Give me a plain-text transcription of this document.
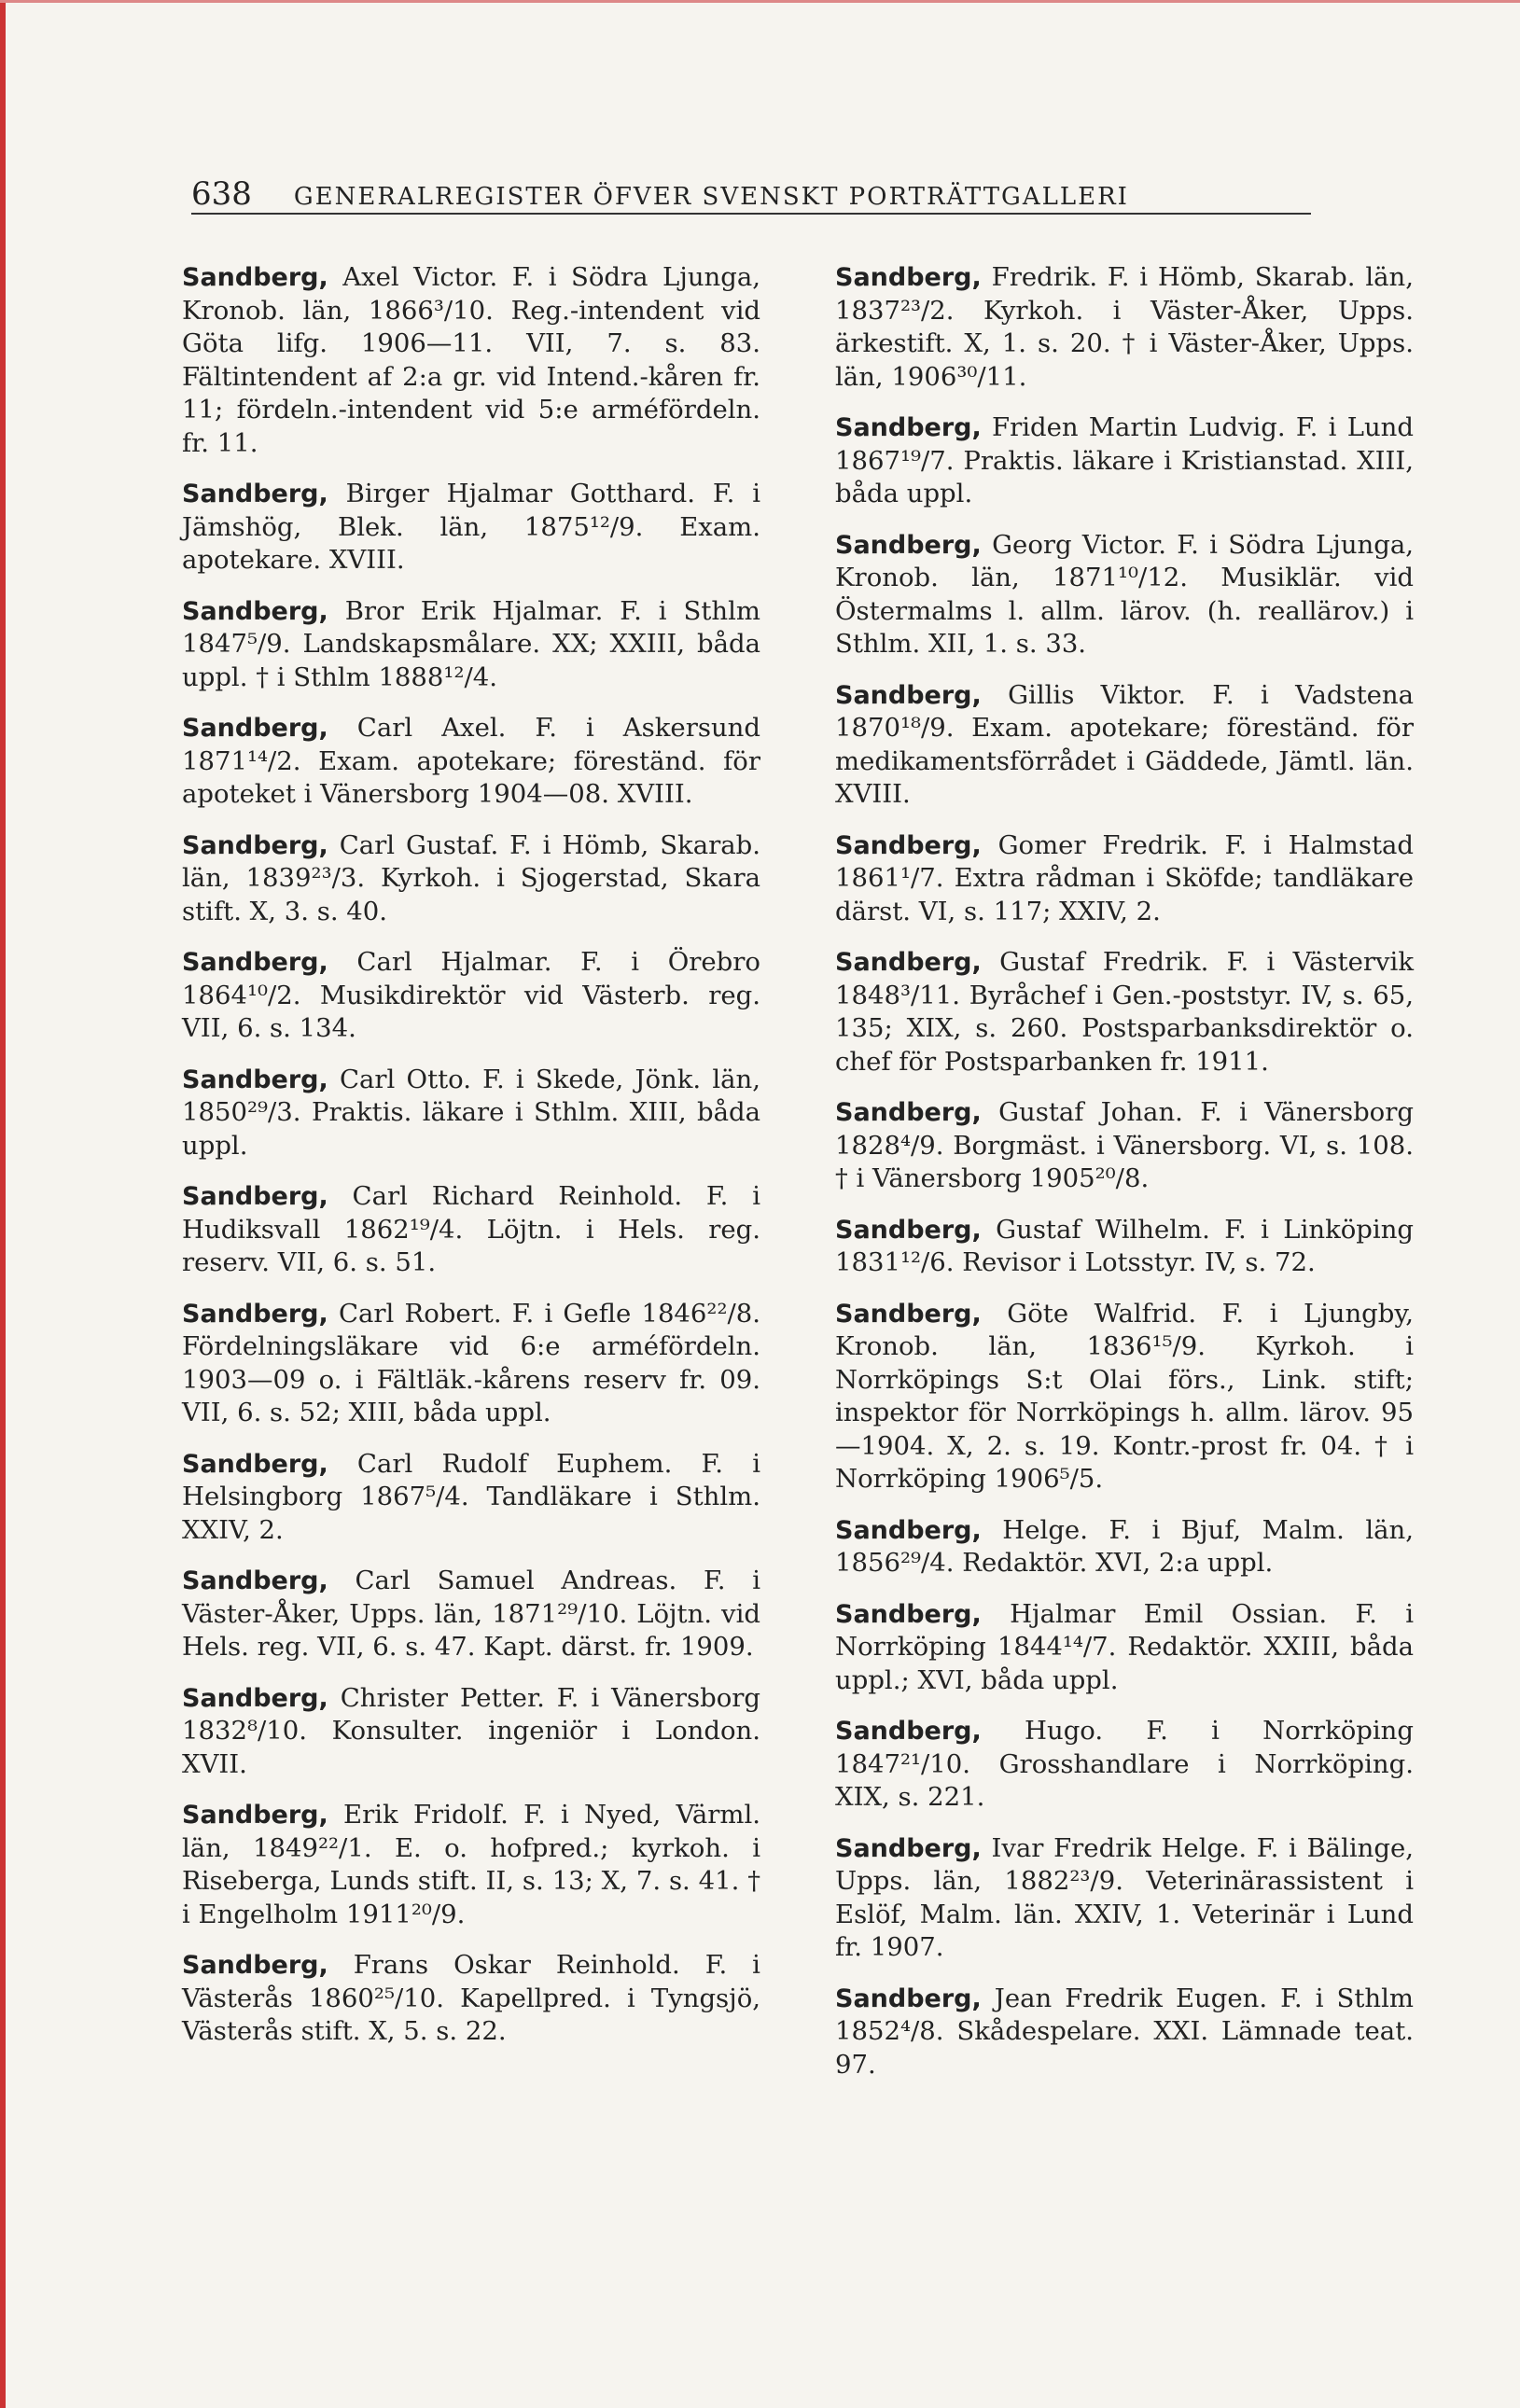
638 GENERALREGISTER ÖFVER SVENSKT PORTRÄTTGALLERI

Sandberg, Axel Victor. F. i Södra Ljunga, Kronob. län, 1866³/10. Reg.-intendent vid Göta lifg. 1906—11. VII, 7. s. 83. Fältintendent af 2:a gr. vid Intend.-kåren fr. 11; fördeln.-intendent vid 5:e arméfördeln. fr. 11.

Sandberg, Birger Hjalmar Gotthard. F. i Jämshög, Blek. län, 1875¹²/9. Exam. apotekare. XVIII.

Sandberg, Bror Erik Hjalmar. F. i Sthlm 1847⁵/9. Landskapsmålare. XX; XXIII, båda uppl. † i Sthlm 1888¹²/4.

Sandberg, Carl Axel. F. i Askersund 1871¹⁴/2. Exam. apotekare; föreständ. för apoteket i Vänersborg 1904—08. XVIII.

Sandberg, Carl Gustaf. F. i Hömb, Skarab. län, 1839²³/3. Kyrkoh. i Sjogerstad, Skara stift. X, 3. s. 40.

Sandberg, Carl Hjalmar. F. i Örebro 1864¹⁰/2. Musikdirektör vid Västerb. reg. VII, 6. s. 134.

Sandberg, Carl Otto. F. i Skede, Jönk. län, 1850²⁹/3. Praktis. läkare i Sthlm. XIII, båda uppl.

Sandberg, Carl Richard Reinhold. F. i Hudiksvall 1862¹⁹/4. Löjtn. i Hels. reg. reserv. VII, 6. s. 51.

Sandberg, Carl Robert. F. i Gefle 1846²²/8. Fördelningsläkare vid 6:e arméfördeln. 1903—09 o. i Fältläk.-kårens reserv fr. 09. VII, 6. s. 52; XIII, båda uppl.

Sandberg, Carl Rudolf Euphem. F. i Helsingborg 1867⁵/4. Tandläkare i Sthlm. XXIV, 2.

Sandberg, Carl Samuel Andreas. F. i Väster-Åker, Upps. län, 1871²⁹/10. Löjtn. vid Hels. reg. VII, 6. s. 47. Kapt. därst. fr. 1909.

Sandberg, Christer Petter. F. i Vänersborg 1832⁸/10. Konsulter. ingeniör i London. XVII.

Sandberg, Erik Fridolf. F. i Nyed, Värml. län, 1849²²/1. E. o. hofpred.; kyrkoh. i Riseberga, Lunds stift. II, s. 13; X, 7. s. 41. † i Engelholm 1911²⁰/9.

Sandberg, Frans Oskar Reinhold. F. i Västerås 1860²⁵/10. Kapellpred. i Tyngsjö, Västerås stift. X, 5. s. 22.

Sandberg, Fredrik. F. i Hömb, Skarab. län, 1837²³/2. Kyrkoh. i Väster-Åker, Upps. ärkestift. X, 1. s. 20. † i Väster-Åker, Upps. län, 1906³⁰/11.

Sandberg, Friden Martin Ludvig. F. i Lund 1867¹⁹/7. Praktis. läkare i Kristianstad. XIII, båda uppl.

Sandberg, Georg Victor. F. i Södra Ljunga, Kronob. län, 1871¹⁰/12. Musiklär. vid Östermalms l. allm. lärov. (h. reallärov.) i Sthlm. XII, 1. s. 33.

Sandberg, Gillis Viktor. F. i Vadstena 1870¹⁸/9. Exam. apotekare; föreständ. för medikamentsförrådet i Gäddede, Jämtl. län. XVIII.

Sandberg, Gomer Fredrik. F. i Halmstad 1861¹/7. Extra rådman i Sköfde; tandläkare därst. VI, s. 117; XXIV, 2.

Sandberg, Gustaf Fredrik. F. i Västervik 1848³/11. Byråchef i Gen.-poststyr. IV, s. 65, 135; XIX, s. 260. Postsparbanksdirektör o. chef för Postsparbanken fr. 1911.

Sandberg, Gustaf Johan. F. i Vänersborg 1828⁴/9. Borgmäst. i Vänersborg. VI, s. 108. † i Vänersborg 1905²⁰/8.

Sandberg, Gustaf Wilhelm. F. i Linköping 1831¹²/6. Revisor i Lotsstyr. IV, s. 72.

Sandberg, Göte Walfrid. F. i Ljungby, Kronob. län, 1836¹⁵/9. Kyrkoh. i Norrköpings S:t Olai förs., Link. stift; inspektor för Norrköpings h. allm. lärov. 95—1904. X, 2. s. 19. Kontr.-prost fr. 04. † i Norrköping 1906⁵/5.

Sandberg, Helge. F. i Bjuf, Malm. län, 1856²⁹/4. Redaktör. XVI, 2:a uppl.

Sandberg, Hjalmar Emil Ossian. F. i Norrköping 1844¹⁴/7. Redaktör. XXIII, båda uppl.; XVI, båda uppl.

Sandberg, Hugo. F. i Norrköping 1847²¹/10. Grosshandlare i Norrköping. XIX, s. 221.

Sandberg, Ivar Fredrik Helge. F. i Bälinge, Upps. län, 1882²³/9. Veterinärassistent i Eslöf, Malm. län. XXIV, 1. Veterinär i Lund fr. 1907.

Sandberg, Jean Fredrik Eugen. F. i Sthlm 1852⁴/8. Skådespelare. XXI. Lämnade teat. 97.
